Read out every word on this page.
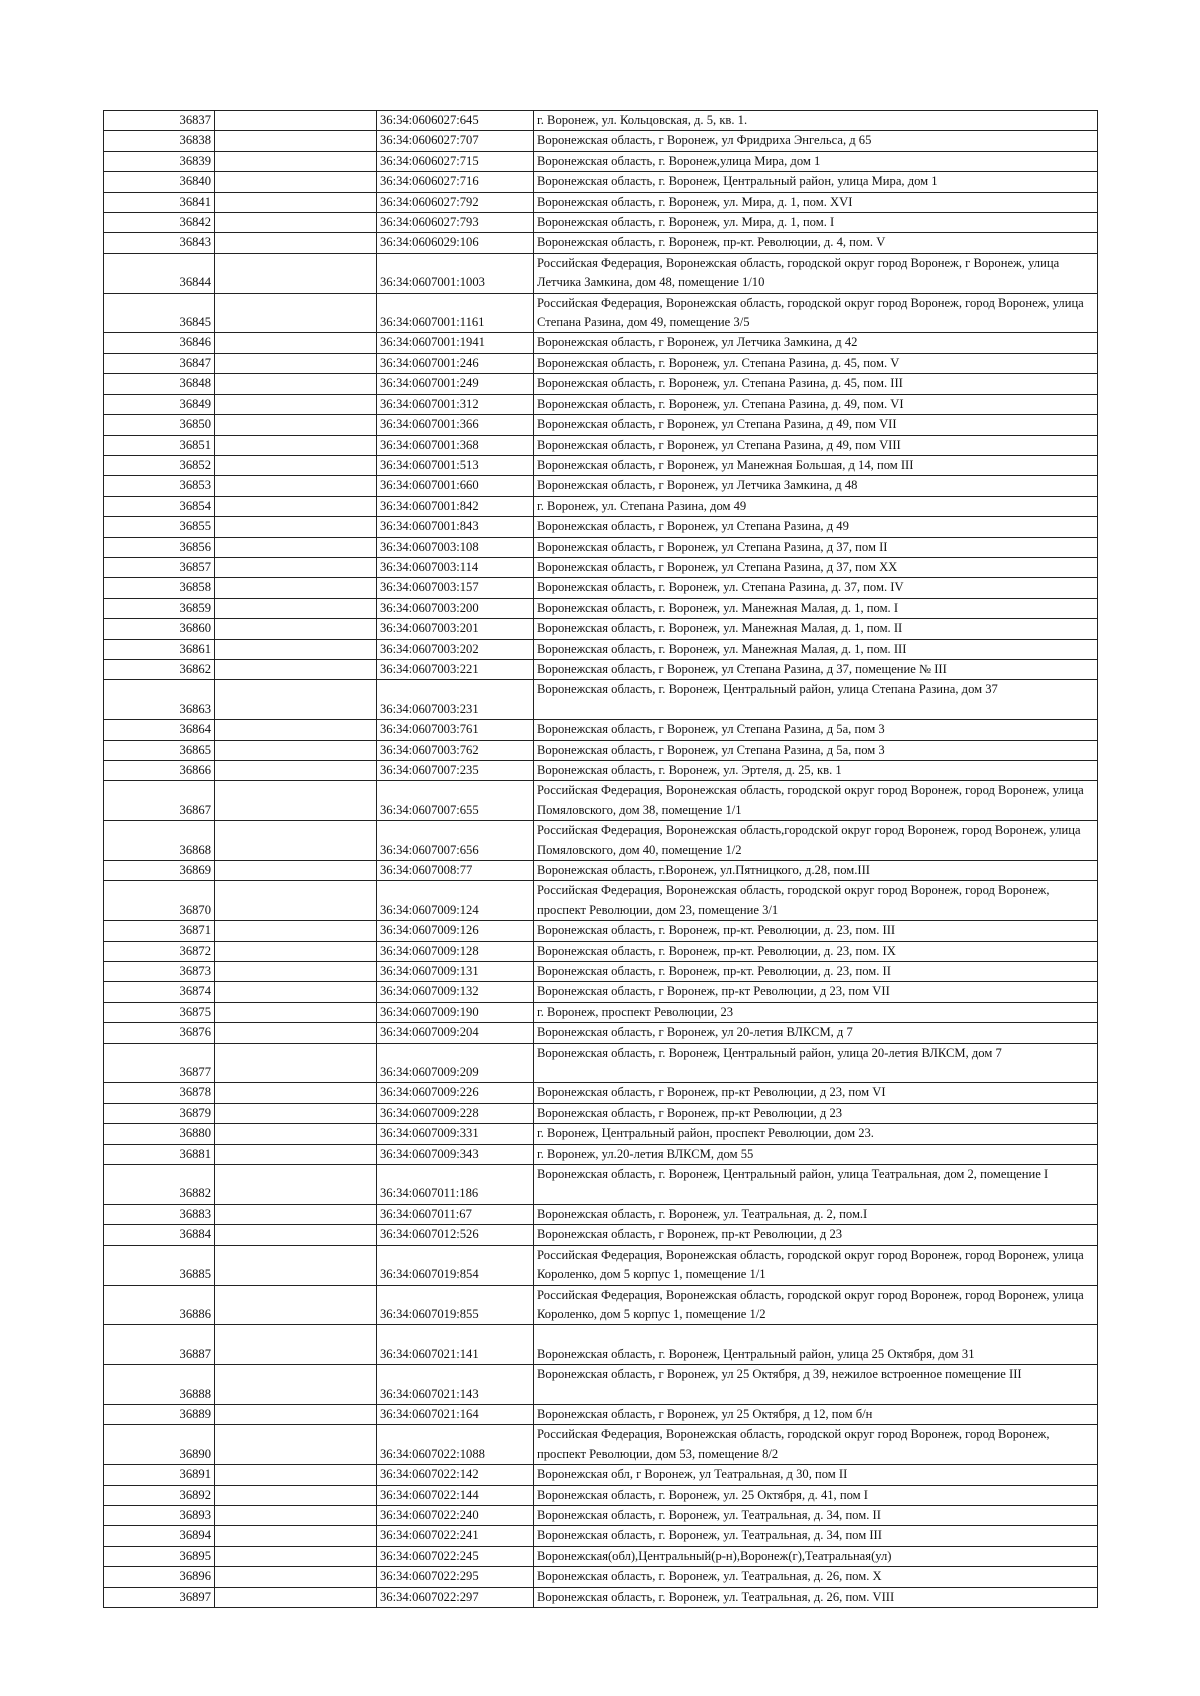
36837		36:34:0606027:645	г. Воронеж, ул. Кольцовская, д. 5, кв. 1.
36838		36:34:0606027:707	Воронежская область, г Воронеж, ул Фридриха Энгельса, д 65
36839		36:34:0606027:715	Воронежская область, г. Воронеж,улица Мира, дом 1
36840		36:34:0606027:716	Воронежская область, г. Воронеж, Центральный район, улица Мира, дом 1
36841		36:34:0606027:792	Воронежская область, г. Воронеж, ул. Мира, д. 1, пом. XVI
36842		36:34:0606027:793	Воронежская область, г. Воронеж, ул. Мира, д. 1, пом. I
36843		36:34:0606029:106	Воронежская область, г. Воронеж, пр-кт. Революции, д. 4, пом. V
36844		36:34:0607001:1003	Российская Федерация, Воронежская область, городской округ город Воронеж, г Воронеж, улица Летчика Замкина, дом 48, помещение 1/10
36845		36:34:0607001:1161	Российская Федерация, Воронежская область, городской округ город Воронеж, город Воронеж, улица Степана Разина, дом 49, помещение 3/5
36846		36:34:0607001:1941	Воронежская область, г Воронеж, ул Летчика Замкина, д 42
36847		36:34:0607001:246	Воронежская область, г. Воронеж, ул. Степана Разина, д. 45, пом. V
36848		36:34:0607001:249	Воронежская область, г. Воронеж, ул. Степана Разина, д. 45, пом. III
36849		36:34:0607001:312	Воронежская область, г. Воронеж, ул. Степана Разина, д. 49, пом. VI
36850		36:34:0607001:366	Воронежская область, г Воронеж, ул Степана Разина, д 49, пом VII
36851		36:34:0607001:368	Воронежская область, г Воронеж, ул Степана Разина, д 49, пом VIII
36852		36:34:0607001:513	Воронежская область, г Воронеж, ул Манежная Большая, д 14, пом III
36853		36:34:0607001:660	Воронежская область, г Воронеж, ул Летчика Замкина, д 48
36854		36:34:0607001:842	г. Воронеж, ул. Степана Разина, дом 49
36855		36:34:0607001:843	Воронежская область, г Воронеж, ул Степана Разина, д 49
36856		36:34:0607003:108	Воронежская область, г Воронеж, ул Степана Разина, д 37, пом II
36857		36:34:0607003:114	Воронежская область, г Воронеж, ул Степана Разина, д 37, пом XX
36858		36:34:0607003:157	Воронежская область, г. Воронеж, ул. Степана Разина, д. 37, пом. IV
36859		36:34:0607003:200	Воронежская область, г. Воронеж, ул. Манежная Малая, д. 1, пом. I
36860		36:34:0607003:201	Воронежская область, г. Воронеж, ул. Манежная Малая, д. 1, пом. II
36861		36:34:0607003:202	Воронежская область, г. Воронеж, ул. Манежная Малая, д. 1, пом. III
36862		36:34:0607003:221	Воронежская область, г Воронеж, ул Степана Разина, д 37, помещение № III
36863		36:34:0607003:231	Воронежская область, г. Воронеж, Центральный район, улица Степана Разина, дом 37
36864		36:34:0607003:761	Воронежская область, г Воронеж, ул Степана Разина, д 5а, пом 3
36865		36:34:0607003:762	Воронежская область, г Воронеж, ул Степана Разина, д 5а, пом 3
36866		36:34:0607007:235	Воронежская область, г. Воронеж, ул. Эртеля, д. 25, кв. 1
36867		36:34:0607007:655	Российская Федерация, Воронежская область, городской округ город Воронеж, город Воронеж, улица Помяловского, дом 38, помещение 1/1
36868		36:34:0607007:656	Российская Федерация, Воронежская область,городской округ город Воронеж, город Воронеж, улица Помяловского, дом 40, помещение 1/2
36869		36:34:0607008:77	Воронежская область, г.Воронеж, ул.Пятницкого, д.28, пом.III
36870		36:34:0607009:124	Российская Федерация, Воронежская область, городской округ город Воронеж, город Воронеж, проспект Революции, дом 23, помещение 3/1
36871		36:34:0607009:126	Воронежская область, г. Воронеж, пр-кт. Революции, д. 23, пом. III
36872		36:34:0607009:128	Воронежская область, г. Воронеж, пр-кт. Революции, д. 23, пом. IX
36873		36:34:0607009:131	Воронежская область, г. Воронеж, пр-кт. Революции, д. 23, пом. II
36874		36:34:0607009:132	Воронежская область, г Воронеж, пр-кт Революции, д 23, пом VII
36875		36:34:0607009:190	г. Воронеж, проспект Революции, 23
36876		36:34:0607009:204	Воронежская область, г Воронеж, ул 20-летия ВЛКСМ, д 7
36877		36:34:0607009:209	Воронежская область, г. Воронеж, Центральный район, улица 20-летия ВЛКСМ, дом 7
36878		36:34:0607009:226	Воронежская область, г Воронеж, пр-кт Революции, д 23, пом VI
36879		36:34:0607009:228	Воронежская область, г Воронеж, пр-кт Революции, д 23
36880		36:34:0607009:331	г. Воронеж, Центральный район, проспект Революции, дом 23.
36881		36:34:0607009:343	г. Воронеж, ул.20-летия ВЛКСМ, дом 55
36882		36:34:0607011:186	Воронежская область, г. Воронеж, Центральный район, улица Театральная, дом 2, помещение I
36883		36:34:0607011:67	Воронежская область, г. Воронеж, ул. Театральная, д. 2, пом.I
36884		36:34:0607012:526	Воронежская область, г Воронеж, пр-кт Революции, д 23
36885		36:34:0607019:854	Российская Федерация, Воронежская область, городской округ город Воронеж, город Воронеж, улица Короленко, дом 5 корпус 1, помещение 1/1
36886		36:34:0607019:855	Российская Федерация, Воронежская область, городской округ город Воронеж, город Воронеж, улица Короленко, дом 5 корпус 1, помещение 1/2
36887		36:34:0607021:141	Воронежская область, г. Воронеж, Центральный район, улица 25 Октября, дом 31
36888		36:34:0607021:143	Воронежская область, г Воронеж, ул 25 Октября, д 39, нежилое встроенное помещение III
36889		36:34:0607021:164	Воронежская область, г Воронеж, ул 25 Октября, д 12, пом б/н
36890		36:34:0607022:1088	Российская Федерация, Воронежская область, городской округ город Воронеж, город Воронеж, проспект Революции, дом 53, помещение 8/2
36891		36:34:0607022:142	Воронежская обл, г Воронеж, ул Театральная, д 30, пом II
36892		36:34:0607022:144	Воронежская область, г. Воронеж, ул. 25 Октября, д. 41, пом I
36893		36:34:0607022:240	Воронежская область, г. Воронеж, ул. Театральная, д. 34, пом. II
36894		36:34:0607022:241	Воронежская область, г. Воронеж, ул. Театральная, д. 34, пом III
36895		36:34:0607022:245	Воронежская(обл),Центральный(р-н),Воронеж(г),Театральная(ул)
36896		36:34:0607022:295	Воронежская область, г. Воронеж, ул. Театральная, д. 26, пом. X
36897		36:34:0607022:297	Воронежская область, г. Воронеж, ул. Театральная, д. 26, пом. VIII
